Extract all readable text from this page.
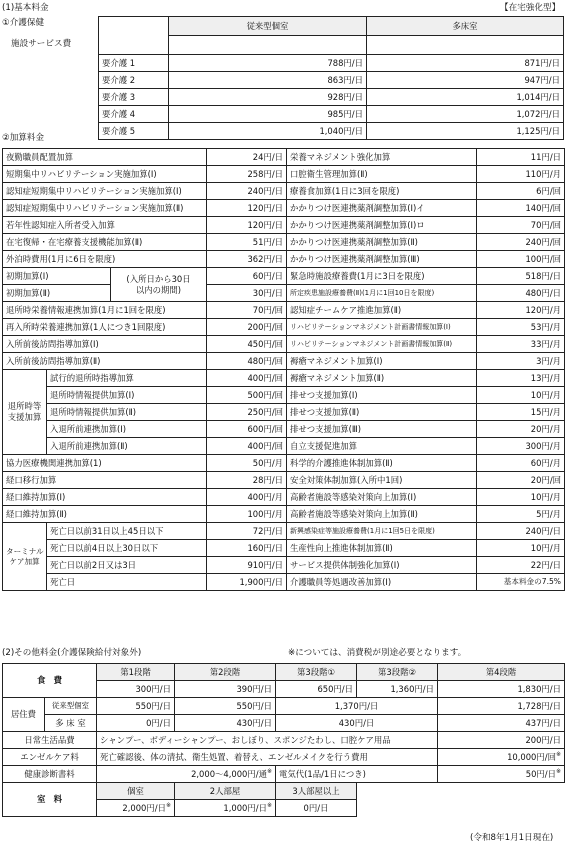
(1)基本料金	【在宅強化型】
①介護保健
施設サービス費
	従来型個室	多床室

要介護 1	788円/日	871円/日
要介護 2	863円/日	947円/日
要介護 3	928円/日	1,014円/日
要介護 4	985円/日	1,072円/日
要介護 5	1,040円/日	1,125円/日
②加算料金
夜勤職員配置加算			24円/日	栄養マネジメント強化加算	11円/日
短期集中リハビリテーション実施加算(Ⅰ)			258円/日	口腔衛生管理加算(Ⅱ)	110円/月
認知症短期集中リハビリテーション実施加算(Ⅰ)			240円/日	療養食加算(1日に3回を限度)	6円/回
認知症短期集中リハビリテーション実施加算(Ⅱ)			120円/日	かかりつけ医連携薬剤調整加算(Ⅰ)イ	140円/回
若年性認知症入所者受入加算			120円/日	かかりつけ医連携薬剤調整加算(Ⅰ)ロ	70円/回
在宅復帰・在宅療養支援機能加算(Ⅱ)			51円/日	かかりつけ医連携薬剤調整加算(Ⅱ)	240円/回
外泊時費用(1月に6日を限度)			362円/日	かかりつけ医連携薬剤調整加算(Ⅲ)	100円/回
初期加算(Ⅰ)		(入所日から30日
以内の期間)	60円/日	緊急時施設療養費(1月に3日を限度)	518円/日
初期加算(Ⅱ)			30円/日	所定疾患施設療養費(Ⅱ)(1月に1回10日を限度)	480円/日
退所時栄養情報連携加算(1月に1回を限度)			70円/回	認知症チームケア推進加算(Ⅱ)	120円/月
再入所時栄養連携加算(1人につき1回限度)			200円/回	リハビリテーションマネジメント計画書情報加算(Ⅰ)	53円/月
入所前後訪問指導加算(Ⅰ)			450円/回	リハビリテーションマネジメント計画書情報加算(Ⅱ)	33円/月
入所前後訪問指導加算(Ⅱ)			480円/回	褥瘡マネジメント加算(Ⅰ)	3円/月
退所時等
支援加算	試行的退所時指導加算		400円/回	褥瘡マネジメント加算(Ⅱ)	13円/月
	退所時情報提供加算(Ⅰ)		500円/回	排せつ支援加算(Ⅰ)	10円/月
	退所時情報提供加算(Ⅱ)		250円/回	排せつ支援加算(Ⅱ)	15円/月
	入退所前連携加算(Ⅰ)		600円/回	排せつ支援加算(Ⅲ)	20円/月
	入退所前連携加算(Ⅱ)		400円/回	自立支援促進加算	300円/月
協力医療機関連携加算(1)			50円/月	科学的介護推進体制加算(Ⅱ)	60円/月
経口移行加算			28円/日	安全対策体制加算(入所中1回)	20円/回
経口維持加算(Ⅰ)			400円/月	高齢者施設等感染対策向上加算(Ⅰ)	10円/月
経口維持加算(Ⅱ)			100円/月	高齢者施設等感染対策向上加算(Ⅱ)	5円/月
ターミナル
ケア加算	死亡日以前31日以上45日以下		72円/日	新興感染症等施設療養費(1月に1回5日を限度)	240円/日
	死亡日以前4日以上30日以下		160円/日	生産性向上推進体制加算(Ⅱ)	10円/月
	死亡日以前2日又は3日		910円/日	サービス提供体制強化加算(Ⅰ)	22円/日
	死亡日		1,900円/日	介護職員等処遇改善加算(Ⅰ)	基本料金の7.5%
(2)その他料金(介護保険給付対象外)	※については、消費税が別途必要となります。
食　費		第1段階	第2段階	第3段階①	第3段階②	第4段階
		300円/日	390円/日	650円/日	1,360円/日	1,830円/日
居住費	従来型個室	550円/日	550円/日	1,370円/日		1,728円/日
	多 床 室	0円/日	430円/日	430円/日		437円/日
日常生活品費		シャンプー、ボディーシャンプー、おしぼり、スポンジたわし、口腔ケア用品				200円/日
エンゼルケア料		死亡確認後、体の清拭、衛生処置、着替え、エンゼルメイクを行う費用				10,000円/回※
健康診断書料		2,000～4,000円/通※		電気代(1品/1日につき)		50円/日※
室　料		個室	2人部屋	3人部屋以上		
		2,000円/日※	1,000円/日※	0円/日		
(令和8年1月1日現在)
